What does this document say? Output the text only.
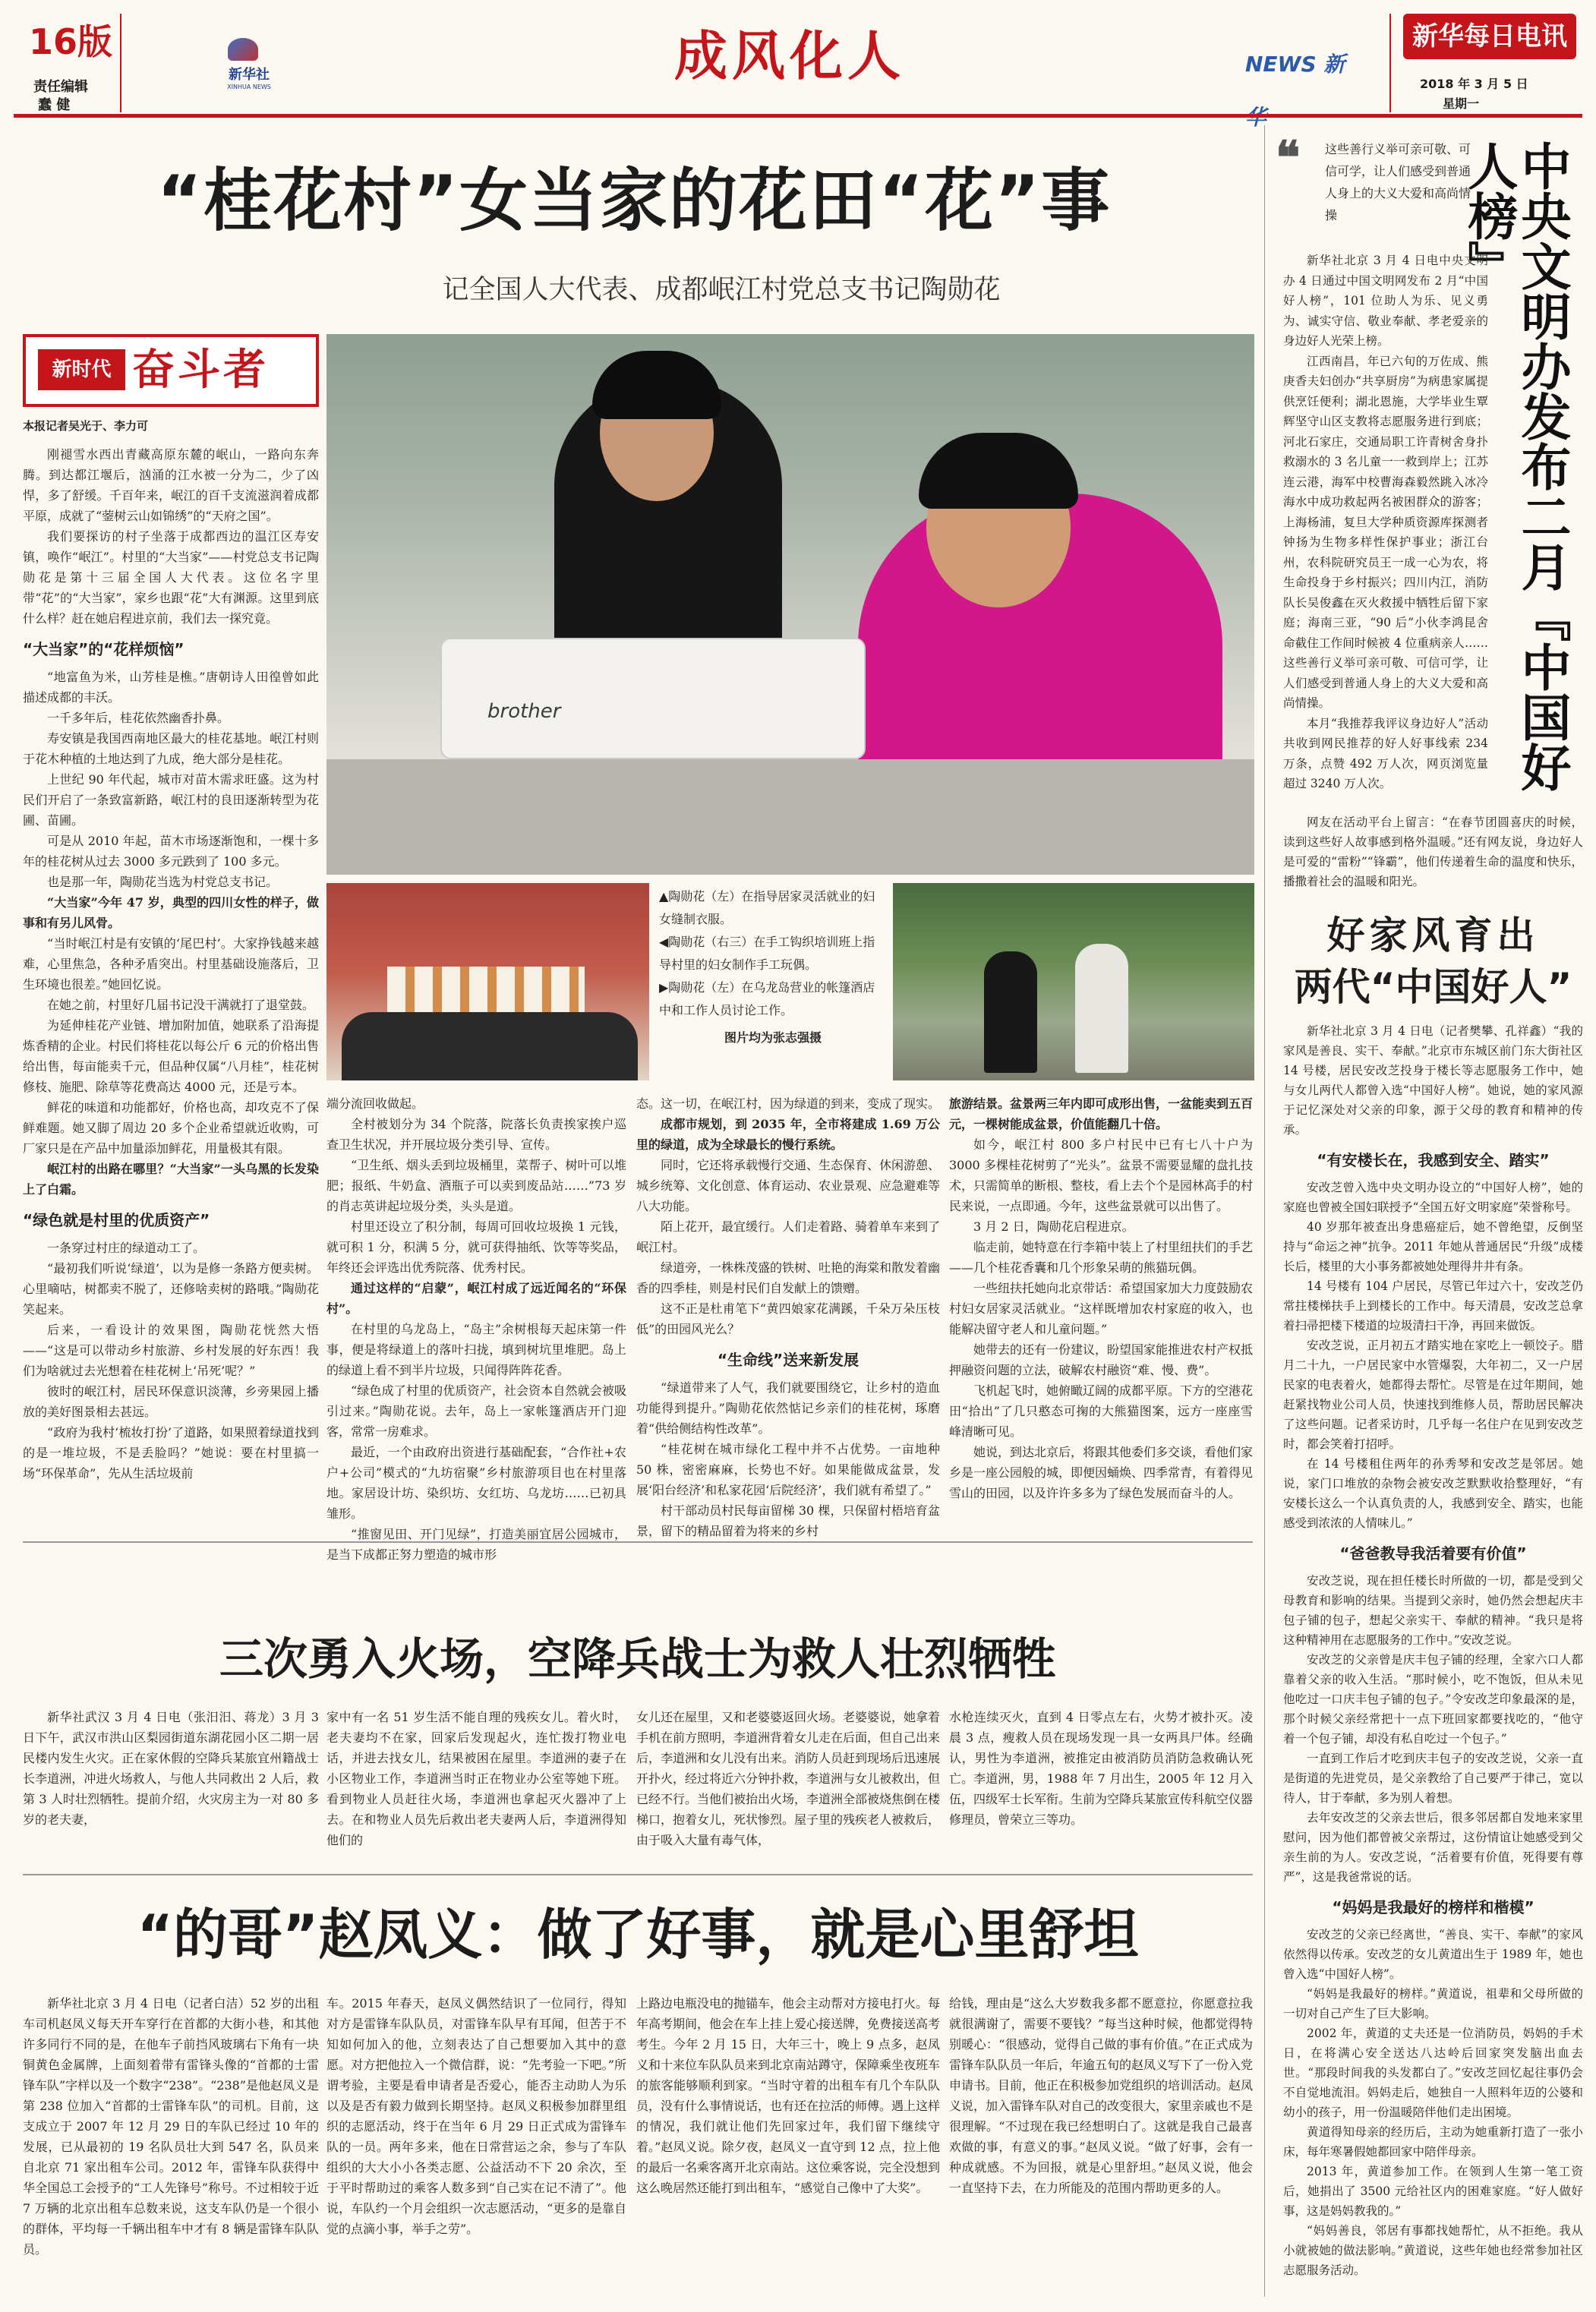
16版
责任编辑
蠢 健
新华社
XINHUA NEWS	成风化人	NEWS 新
新华每日电讯
2018 年 3 月 5 日
星期一
“桂花村”女当家的花田“花”事
记全国人大代表、成都岷江村党总支书记陶勋花
新时代 奋斗者
brother
▲陶勋花（左）在指导居家灵活就业的妇女缝制衣服。
◀陶勋花（右三）在手工钩织培训班上指导村里的妇女制作手工玩偶。
▶陶勋花（左）在乌龙岛营业的帐篷酒店中和工作人员讨论工作。
图片均为张志强摄

本报记者吴光于、李力可

刚褪雪水西出青藏高原东麓的岷山，一路向东奔腾。到达都江堰后，汹涌的江水被一分为二，少了凶悍，多了舒缓。千百年来，岷江的百千支流滋润着成都平原，成就了“蓥树云山如锦绣”的“天府之国”。

我们要探访的村子坐落于成都西边的温江区寿安镇，唤作“岷江”。村里的“大当家”——村党总支书记陶勋花是第十三届全国人大代表。这位名字里带“花”的“大当家”，家乡也跟“花”大有渊源。这里到底什么样？赶在她启程进京前，我们去一探究竟。

“大当家”的“花样烦恼”

“地富鱼为米，山芳桂是樵。”唐朝诗人田徨曾如此描述成都的丰沃。

一千多年后，桂花依然幽香扑鼻。

寿安镇是我国西南地区最大的桂花基地。岷江村则于花木种植的土地达到了九成，绝大部分是桂花。

上世纪 90 年代起，城市对苗木需求旺盛。这为村民们开启了一条致富新路，岷江村的良田逐渐转型为花圃、苗圃。

可是从 2010 年起，苗木市场逐渐饱和，一棵十多年的桂花树从过去 3000 多元跌到了 100 多元。

也是那一年，陶勋花当选为村党总支书记。

“大当家”今年 47 岁，典型的四川女性的样子，做事和有另儿风骨。

“当时岷江村是有安镇的‘尾巴村’。大家挣钱越来越难，心里焦急，各种矛盾突出。村里基础设施落后，卫生环境也很差。”她回忆说。

在她之前，村里好几届书记没干满就打了退堂鼓。

为延伸桂花产业链、增加附加值，她联系了沿海提炼香精的企业。村民们将桂花以每公斤 6 元的价格出售给出售，每亩能卖千元，但品种仅属“八月桂”，桂花树修枝、施肥、除草等花费高达 4000 元，还是亏本。

鲜花的味道和功能都好，价格也高，却攻克不了保鲜难题。她又脚了周边 20 多个企业希望就近收购，可厂家只是在产品中加量添加鲜花，用量极其有限。

岷江村的出路在哪里？“大当家”一头乌黑的长发染上了白霜。

“绿色就是村里的优质资产”

一条穿过村庄的绿道动工了。

“最初我们听说‘绿道’，以为是修一条路方便卖树。心里嘀咕，树都卖不脱了，还修啥卖树的路哦。”陶勋花笑起来。

后来，一看设计的效果图，陶勋花恍然大悟——“这是可以带动乡村旅游、乡村发展的好东西！我们为啥就过去光想着在桂花树上‘吊死’呢？”

彼时的岷江村，居民环保意识淡薄，乡旁果园上播放的美好图景相去甚远。

“政府为我村‘梳妆打扮’了道路，如果照着绿道找到的是一堆垃圾，不是丢脸吗？”她说：要在村里搞一场“环保革命”，先从生活垃圾前

端分流回收做起。

全村被划分为 34 个院落，院落长负责挨家挨户巡查卫生状况，并开展垃圾分类引导、宣传。

“卫生纸、烟头丢到垃圾桶里，菜帮子、树叶可以堆肥；报纸、牛奶盒、酒瓶子可以卖到废品站……”73 岁的肖志英讲起垃圾分类，头头是道。

村里还设立了积分制，每周可回收垃圾换 1 元钱，就可积 1 分，积满 5 分，就可获得抽纸、饮等等奖品，年终还会评选出优秀院落、优秀村民。

通过这样的“启蒙”，岷江村成了远近闻名的“环保村”。

在村里的乌龙岛上，“岛主”余树根每天起床第一件事，便是将绿道上的落叶扫拢，填到树坑里堆肥。岛上的绿道上看不到半片垃圾，只闻得阵阵花香。

“绿色成了村里的优质资产，社会资本自然就会被吸引过来。”陶勋花说。去年，岛上一家帐篷酒店开门迎客，常常一房难求。

最近，一个由政府出资进行基础配套，“合作社+农户+公司”模式的“九坊宿聚”乡村旅游项目也在村里落地。家居设计坊、染织坊、女红坊、乌龙坊……已初具雏形。

“推窗见田、开门见绿”，打造美丽宜居公园城市，是当下成都正努力塑造的城市形

态。这一切，在岷江村，因为绿道的到来，变成了现实。

成都市规划，到 2035 年，全市将建成 1.69 万公里的绿道，成为全球最长的慢行系统。

同时，它还将承载慢行交通、生态保育、休闲游憩、城乡统筹、文化创意、体育运动、农业景观、应急避难等八大功能。

陌上花开，最宜缓行。人们走着路、骑着单车来到了岷江村。

绿道旁，一株株茂盛的铁树、吐艳的海棠和散发着幽香的四季桂，则是村民们自发献上的馈赠。

这不正是杜甫笔下“黄四娘家花满蹊，千朵万朵压枝低”的田园风光么？

“生命线”送来新发展

“绿道带来了人气，我们就要围绕它，让乡村的造血功能得到提升。”陶勋花依然惦记乡亲们的桂花树，琢磨着“供给侧结构性改革”。

“桂花树在城市绿化工程中并不占优势。一亩地种 50 株，密密麻麻，长势也不好。如果能做成盆景，发展‘阳台经济’和私家花园‘后院经济’，我们就有希望了。”

村干部动员村民每亩留梯 30 棵，只保留村梧培育盆景，留下的精品留着为将来的乡村

旅游结景。盆景两三年内即可成形出售，一盆能卖到五百元，一棵树能成盆景，价值能翻几十倍。

如今，岷江村 800 多户村民中已有七八十户为 3000 多棵桂花树剪了“光头”。盆景不需要显耀的盘扎技术，只需简单的断根、整枝，看上去个个是园林高手的村民来说，一点即通。今年，这些盆景就可以出售了。

3 月 2 日，陶勋花启程进京。

临走前，她特意在行李箱中装上了村里纽扶们的手艺——几个桂花香囊和几个形象呆萌的熊猫玩偶。

一些纽扶托她向北京带话：希望国家加大力度鼓励农村妇女居家灵活就业。“这样既增加农村家庭的收入，也能解决留守老人和儿童问题。”

她带去的还有一份建议，盼望国家能推进农村产权抵押融资问题的立法，破解农村融资“难、慢、费”。

飞机起飞时，她俯瞰辽阔的成都平原。下方的空港花田“拾出”了几只憨态可掬的大熊猫图案，远方一座座雪峰清晰可见。

她说，到达北京后，将跟其他委们多交谈，看他们家乡是一座公园般的城，即便因蛹焕、四季常青，有着得见雪山的田园，以及许许多多为了绿色发展而奋斗的人。

三次勇入火场，空降兵战士为救人壮烈牺牲

新华社武汉 3 月 4 日电（张汨汨、蒋龙）3 月 3 日下午，武汉市洪山区梨园街道东湖花园小区二期一居民楼内发生火灾。正在家休假的空降兵某旅宜州籍战士长李道洲，冲进火场救人，与他人共同救出 2 人后，救第 3 人时壮烈牺牲。提前介绍，火灾房主为一对 80 多岁的老夫妻，

家中有一名 51 岁生活不能自理的残疾女儿。着火时，老夫妻均不在家，回家后发现起火，连忙拨打物业电话，并进去找女儿，结果被困在屋里。李道洲的妻子在小区物业工作，李道洲当时正在物业办公室等她下班。看到物业人员赶往火场，李道洲也拿起灭火器冲了上去。在和物业人员先后救出老夫妻两人后，李道洲得知他们的

女儿还在屋里，又和老婆婆返回火场。老婆婆说，她拿着手机在前方照明，李道洲背着女儿走在后面，但自己出来后，李道洲和女儿没有出来。消防人员赶到现场后迅速展开扑火，经过将近六分钟扑救，李道洲与女儿被救出，但已经不行。当他们被抬出火场，李道洲全部被烧焦倒在楼梯口，抱着女儿，死状惨烈。屋子里的残疾老人被救后，由于吸入大量有毒气体，

水枪连续灭火，直到 4 日零点左右，火势才被扑灭。凌晨 3 点，瘦救人员在现场发现一具一女两具尸体。经确认，男性为李道洲，被推定由被消防员消防急救确认死亡。李道洲，男，1988 年 7 月出生，2005 年 12 月入伍，四级军士长军衔。生前为空降兵某旅宣传科航空仪器修理员，曾荣立三等功。

“的哥”赵凤义：做了好事，就是心里舒坦

新华社北京 3 月 4 日电（记者白洁）52 岁的出租车司机赵凤义每天开车穿行在首都的大街小巷，和其他许多同行不同的是，在他车子前挡风玻璃右下角有一块铜黄色金属牌，上面刻着带有雷锋头像的“首都的士雷锋车队”字样以及一个数字“238”。“238”是他赵凤义是第 238 位加入“首都的士雷锋车队”的司机。目前，这支成立于 2007 年 12 月 29 日的车队已经过 10 年的发展，已从最初的 19 名队员壮大到 547 名，队员来自北京 71 家出租车公司。2012 年，雷锋车队获得中华全国总工会授予的“工人先锋号”称号。不过相较于近 7 万辆的北京出租车总数来说，这支车队仍是一个很小的群体，平均每一千辆出租车中才有 8 辆是雷锋车队队员。

车。2015 年春天，赵凤义偶然结识了一位同行，得知对方是雷锋车队队员，对雷锋车队早有耳闻，但苦于不知如何加入的他，立刻表达了自己想要加入其中的意愿。对方把他拉入一个微信群，说：“先考验一下吧。”所谓考验，主要是看申请者是否爱心，能否主动助人为乐以及是否有毅力做到长期坚持。赵凤义积极参加群里组织的志愿活动，终于在当年 6 月 29 日正式成为雷锋车队的一员。两年多来，他在日常营运之余，参与了车队组织的大大小小各类志愿、公益活动不下 20 余次，至于平时帮助过的乘客人数多到“自己实在记不清了”。他说，车队约一个月会组织一次志愿活动，“更多的是靠自觉的点滴小事，举手之劳”。

上路边电瓶没电的抛锚车，他会主动帮对方接电打火。每年高考期间，他会在车上挂上爱心接送牌，免费接送高考考生。今年 2 月 15 日，大年三十，晚上 9 点多，赵凤义和十来位车队队员来到北京南站蹲守，保障乘坐夜班车的旅客能够顺利到家。“当时守着的出租车有几个车队队员，没有什么事情说话，也有还在拉活的师傅。遇上这样的情况，我们就让他们先回家过年，我们留下继续守着。”赵凤义说。除夕夜，赵凤义一直守到 12 点，拉上他的最后一名乘客离开北京南站。这位乘客说，完全没想到这么晚居然还能打到出租车，“感觉自己像中了大奖”。

给钱，理由是“这么大岁数我多都不愿意拉，你愿意拉我就很满谢了，需要不要钱？”每当这种时候，他都觉得特别暖心：“很感动，觉得自己做的事有价值。”在正式成为雷锋车队队员一年后，年逾五旬的赵凤义写下了一份入党申请书。目前，他正在积极参加党组织的培训活动。赵凤义说，加入雷锋车队对自己的改变很大，家里亲戚也不是很理解。“不过现在我已经想明白了。这就是我自己最喜欢做的事，有意义的事。”赵凤义说。“做了好事，会有一种成就感。不为回报，就是心里舒坦。”赵凤义说，他会一直坚持下去，在力所能及的范围内帮助更多的人。

❝ 这些善行义举可亲可敬、可信可学，让人们感受到普通人身上的大义大爱和高尚情操	中央文明办发布二月『中国好人榜』

新华社北京 3 月 4 日电中央文明办 4 日通过中国文明网发布 2 月“中国好人榜”，101 位助人为乐、见义勇为、诚实守信、敬业奉献、孝老爱亲的身边好人光荣上榜。

江西南昌，年已六旬的万佐成、熊庚香夫妇创办“共享厨房”为病患家属提供烹饪便利；湖北恩施，大学毕业生覃辉坚守山区支教将志愿服务进行到底；河北石家庄，交通局职工许青树舍身扑救溺水的 3 名儿童一一救到岸上；江苏连云港，海军中校曹海森毅然跳入冰冷海水中成功救起两名被困群众的游客；上海杨浦，复旦大学种质资源库探测者钟扬为生物多样性保护事业；浙江台州，农科院研究员王一成一心为农，将生命投身于乡村振兴；四川内江，消防队长吴俊鑫在灭火救援中牺牲后留下家庭；海南三亚，“90 后”小伙李鸿昆舍命截住工作间时候被 4 位重病亲人……这些善行义举可亲可敬、可信可学，让人们感受到普通人身上的大义大爱和高尚情操。

本月“我推荐我评议身边好人”活动共收到网民推荐的好人好事线索 234 万条，点赞 492 万人次，网页浏览量超过 3240 万人次。

网友在活动平台上留言：“在春节团圆喜庆的时候，读到这些好人故事感到格外温暖。”还有网友说，身边好人是可爱的“雷粉”“锋霸”，他们传递着生命的温度和快乐，播撒着社会的温暖和阳光。

好家风育出
两代“中国好人”

新华社北京 3 月 4 日电（记者樊攀、孔祥鑫）“我的家风是善良、实干、奉献。”北京市东城区前门东大街社区 14 号楼，居民安改芝投身于楼长等志愿服务工作中，她与女儿两代人都曾入选“中国好人榜”。她说，她的家风源于记忆深处对父亲的印象，源于父母的教育和精神的传承。

“有安楼长在，我感到安全、踏实”

安改芝曾入选中央文明办设立的“中国好人榜”，她的家庭也曾被全国妇联授予“全国五好文明家庭”荣誉称号。

40 岁那年被查出身患癌症后，她不曾绝望，反倒坚持与“命运之神”抗争。2011 年她从普通居民“升级”成楼长后，楼里的大小事务都被她处理得井井有条。

14 号楼有 104 户居民，尽管已年过六十，安改芝仍常拄楼梯扶手上到楼长的工作中。每天清晨，安改芝总拿着扫帚把楼下楼道的垃圾清扫干净，再回来做饭。

安改芝说，正月初五才踏实地在家吃上一顿饺子。腊月二十九，一户居民家中水管爆裂，大年初二，又一户居民家的电表着火，她都得去帮忙。尽管是在过年期间，她赶紧找物业公司人员，快速找到维修人员，帮助居民解决了这些问题。记者采访时，几乎每一名住户在见到安改芝时，都会笑着打招呼。

在 14 号楼租住两年的孙秀琴和安改芝是邻居。她说，家门口堆放的杂物会被安改芝默默收拾整理好，“有安楼长这么一个认真负责的人，我感到安全、踏实，也能感受到浓浓的人情味儿。”

“爸爸教导我活着要有价值”

安改芝说，现在担任楼长时所做的一切，都是受到父母教育和影响的结果。当提到父亲时，她仍然会想起庆丰包子铺的包子，想起父亲实干、奉献的精神。“我只是将这种精神用在志愿服务的工作中。”安改芝说。

安改芝的父亲曾是庆丰包子铺的经理，全家六口人都靠着父亲的收入生活。“那时候小，吃不饱饭，但从未见他吃过一口庆丰包子铺的包子。”令安改芝印象最深的是，那个时候父亲经常把十一点下班回家都要找吃的，“他守着一个包子铺，却没有私自吃过一个包子。”

一直到工作后才吃到庆丰包子的安改芝说，父亲一直是街道的先进党员，是父亲教给了自己要严于律己，宽以待人，甘于奉献，多为别人着想。

去年安改芝的父亲去世后，很多邻居都自发地来家里慰问，因为他们都曾被父亲帮过，这份情谊让她感受到父亲生前的为人。安改芝说，“活着要有价值，死得要有尊严”，这是我爸常说的话。

“妈妈是我最好的榜样和楷模”

安改芝的父亲已经离世，“善良、实干、奉献”的家风依然得以传承。安改芝的女儿黄道出生于 1989 年，她也曾入选“中国好人榜”。

“妈妈是我最好的榜样。”黄道说，祖辈和父母所做的一切对自己产生了巨大影响。

2002 年，黄道的丈夫还是一位消防员，妈妈的手术日，在将满心安全送达八达岭后回家突发脑出血去世。“那段时间我的头发都白了。”安改芝回忆起往事仍会不自觉地流泪。妈妈走后，她独自一人照料年迈的公婆和幼小的孩子，用一份温暖陪伴他们走出困境。

黄道得知母亲的经历后，主动为她重新打造了一张小床，每年寒暑假她都回家中陪伴母亲。

2013 年，黄道参加工作。在领到人生第一笔工资后，她捐出了 3500 元给社区内的困难家庭。“好人做好事，这是妈妈教我的。”

“妈妈善良，邻居有事都找她帮忙，从不拒绝。我从小就被她的做法影响。”黄道说，这些年她也经常参加社区志愿服务活动。
